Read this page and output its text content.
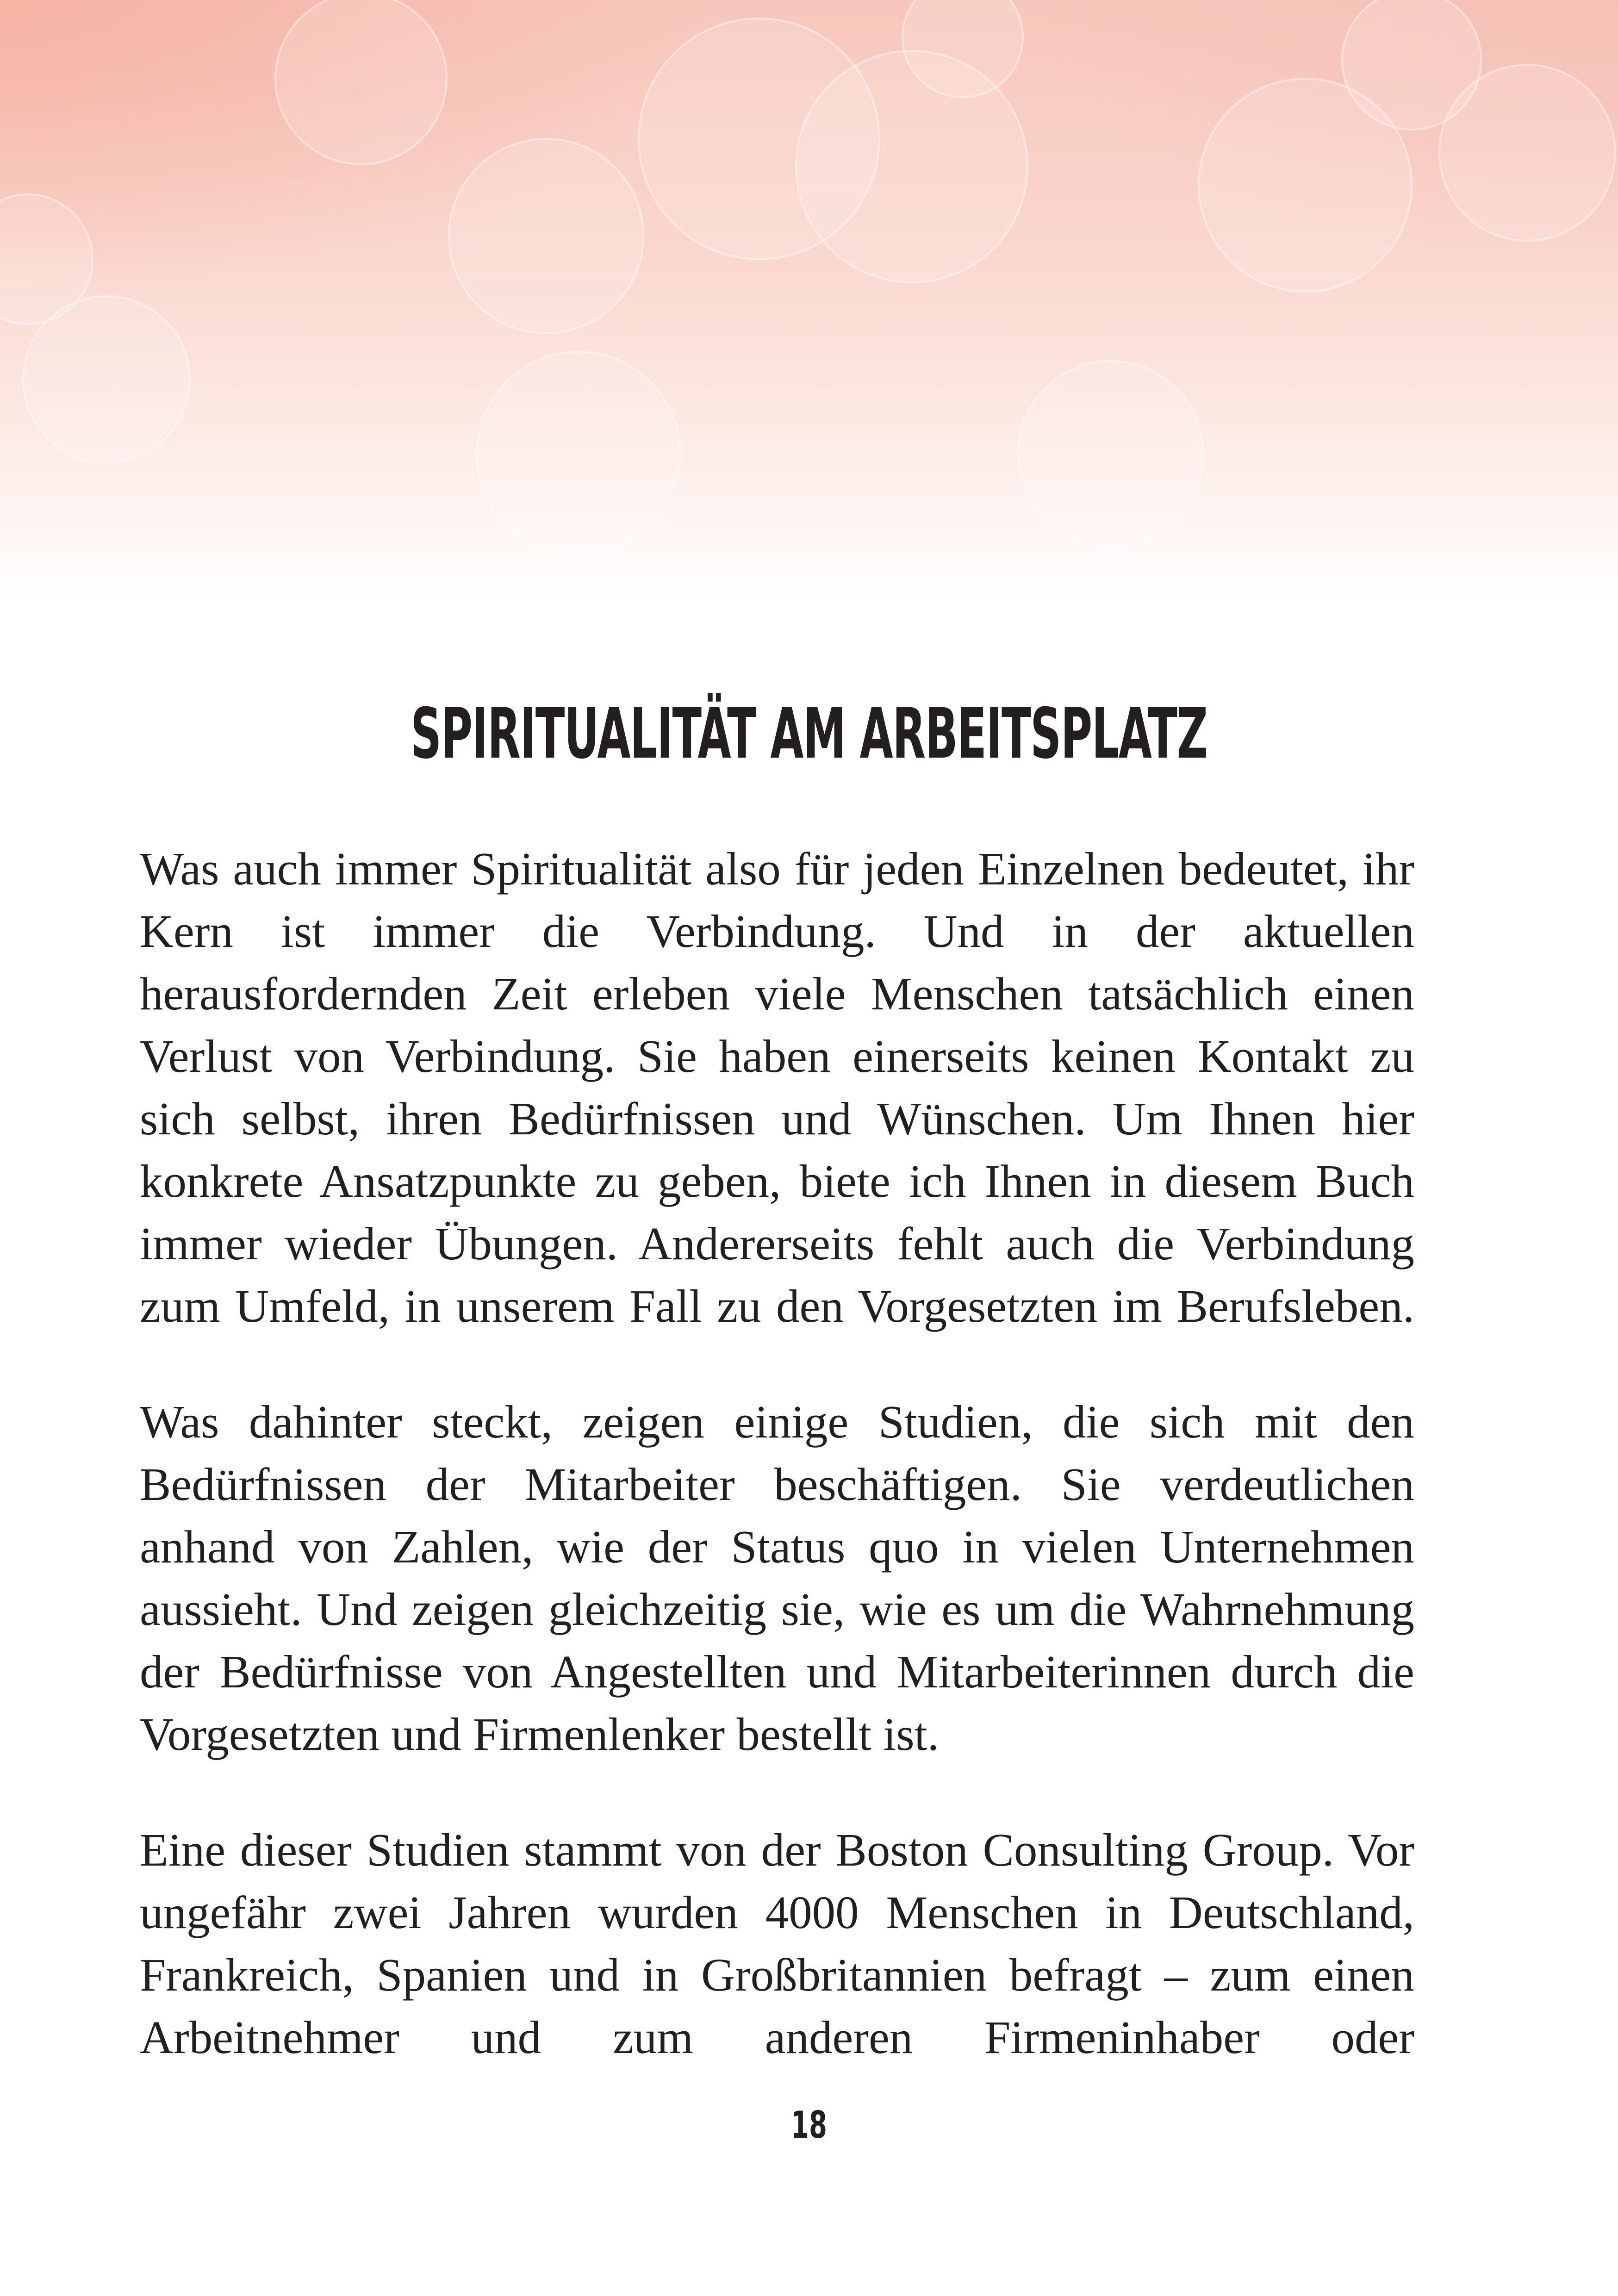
SPIRITUALITÄT AM ARBEITSPLATZ

Was auch immer Spiritualität also für jeden Einzelnen bedeutet, ihr Kern ist immer die Verbindung. Und in der aktuellen herausfordernden Zeit erleben viele Menschen tatsächlich einen Verlust von Verbindung. Sie haben einerseits keinen Kontakt zu sich selbst, ihren Bedürfnissen und Wünschen. Um Ihnen hier konkrete Ansatzpunkte zu geben, biete ich Ihnen in diesem Buch immer wieder Übungen. Andererseits fehlt auch die Verbindung zum Umfeld, in unserem Fall zu den Vorgesetzten im Berufsleben.

Was dahinter steckt, zeigen einige Studien, die sich mit den Bedürfnissen der Mitarbeiter beschäftigen. Sie verdeutlichen anhand von Zahlen, wie der Status quo in vielen Unternehmen aussieht. Und zeigen gleichzeitig sie, wie es um die Wahrnehmung der Bedürfnisse von Angestellten und Mitarbeiterinnen durch die Vorgesetzten und Firmenlenker bestellt ist.

Eine dieser Studien stammt von der Boston Consulting Group. Vor ungefähr zwei Jahren wurden 4000 Menschen in Deutschland, Frankreich, Spanien und in Großbritannien befragt – zum einen Arbeitnehmer und zum anderen Firmeninhaber oder

18
